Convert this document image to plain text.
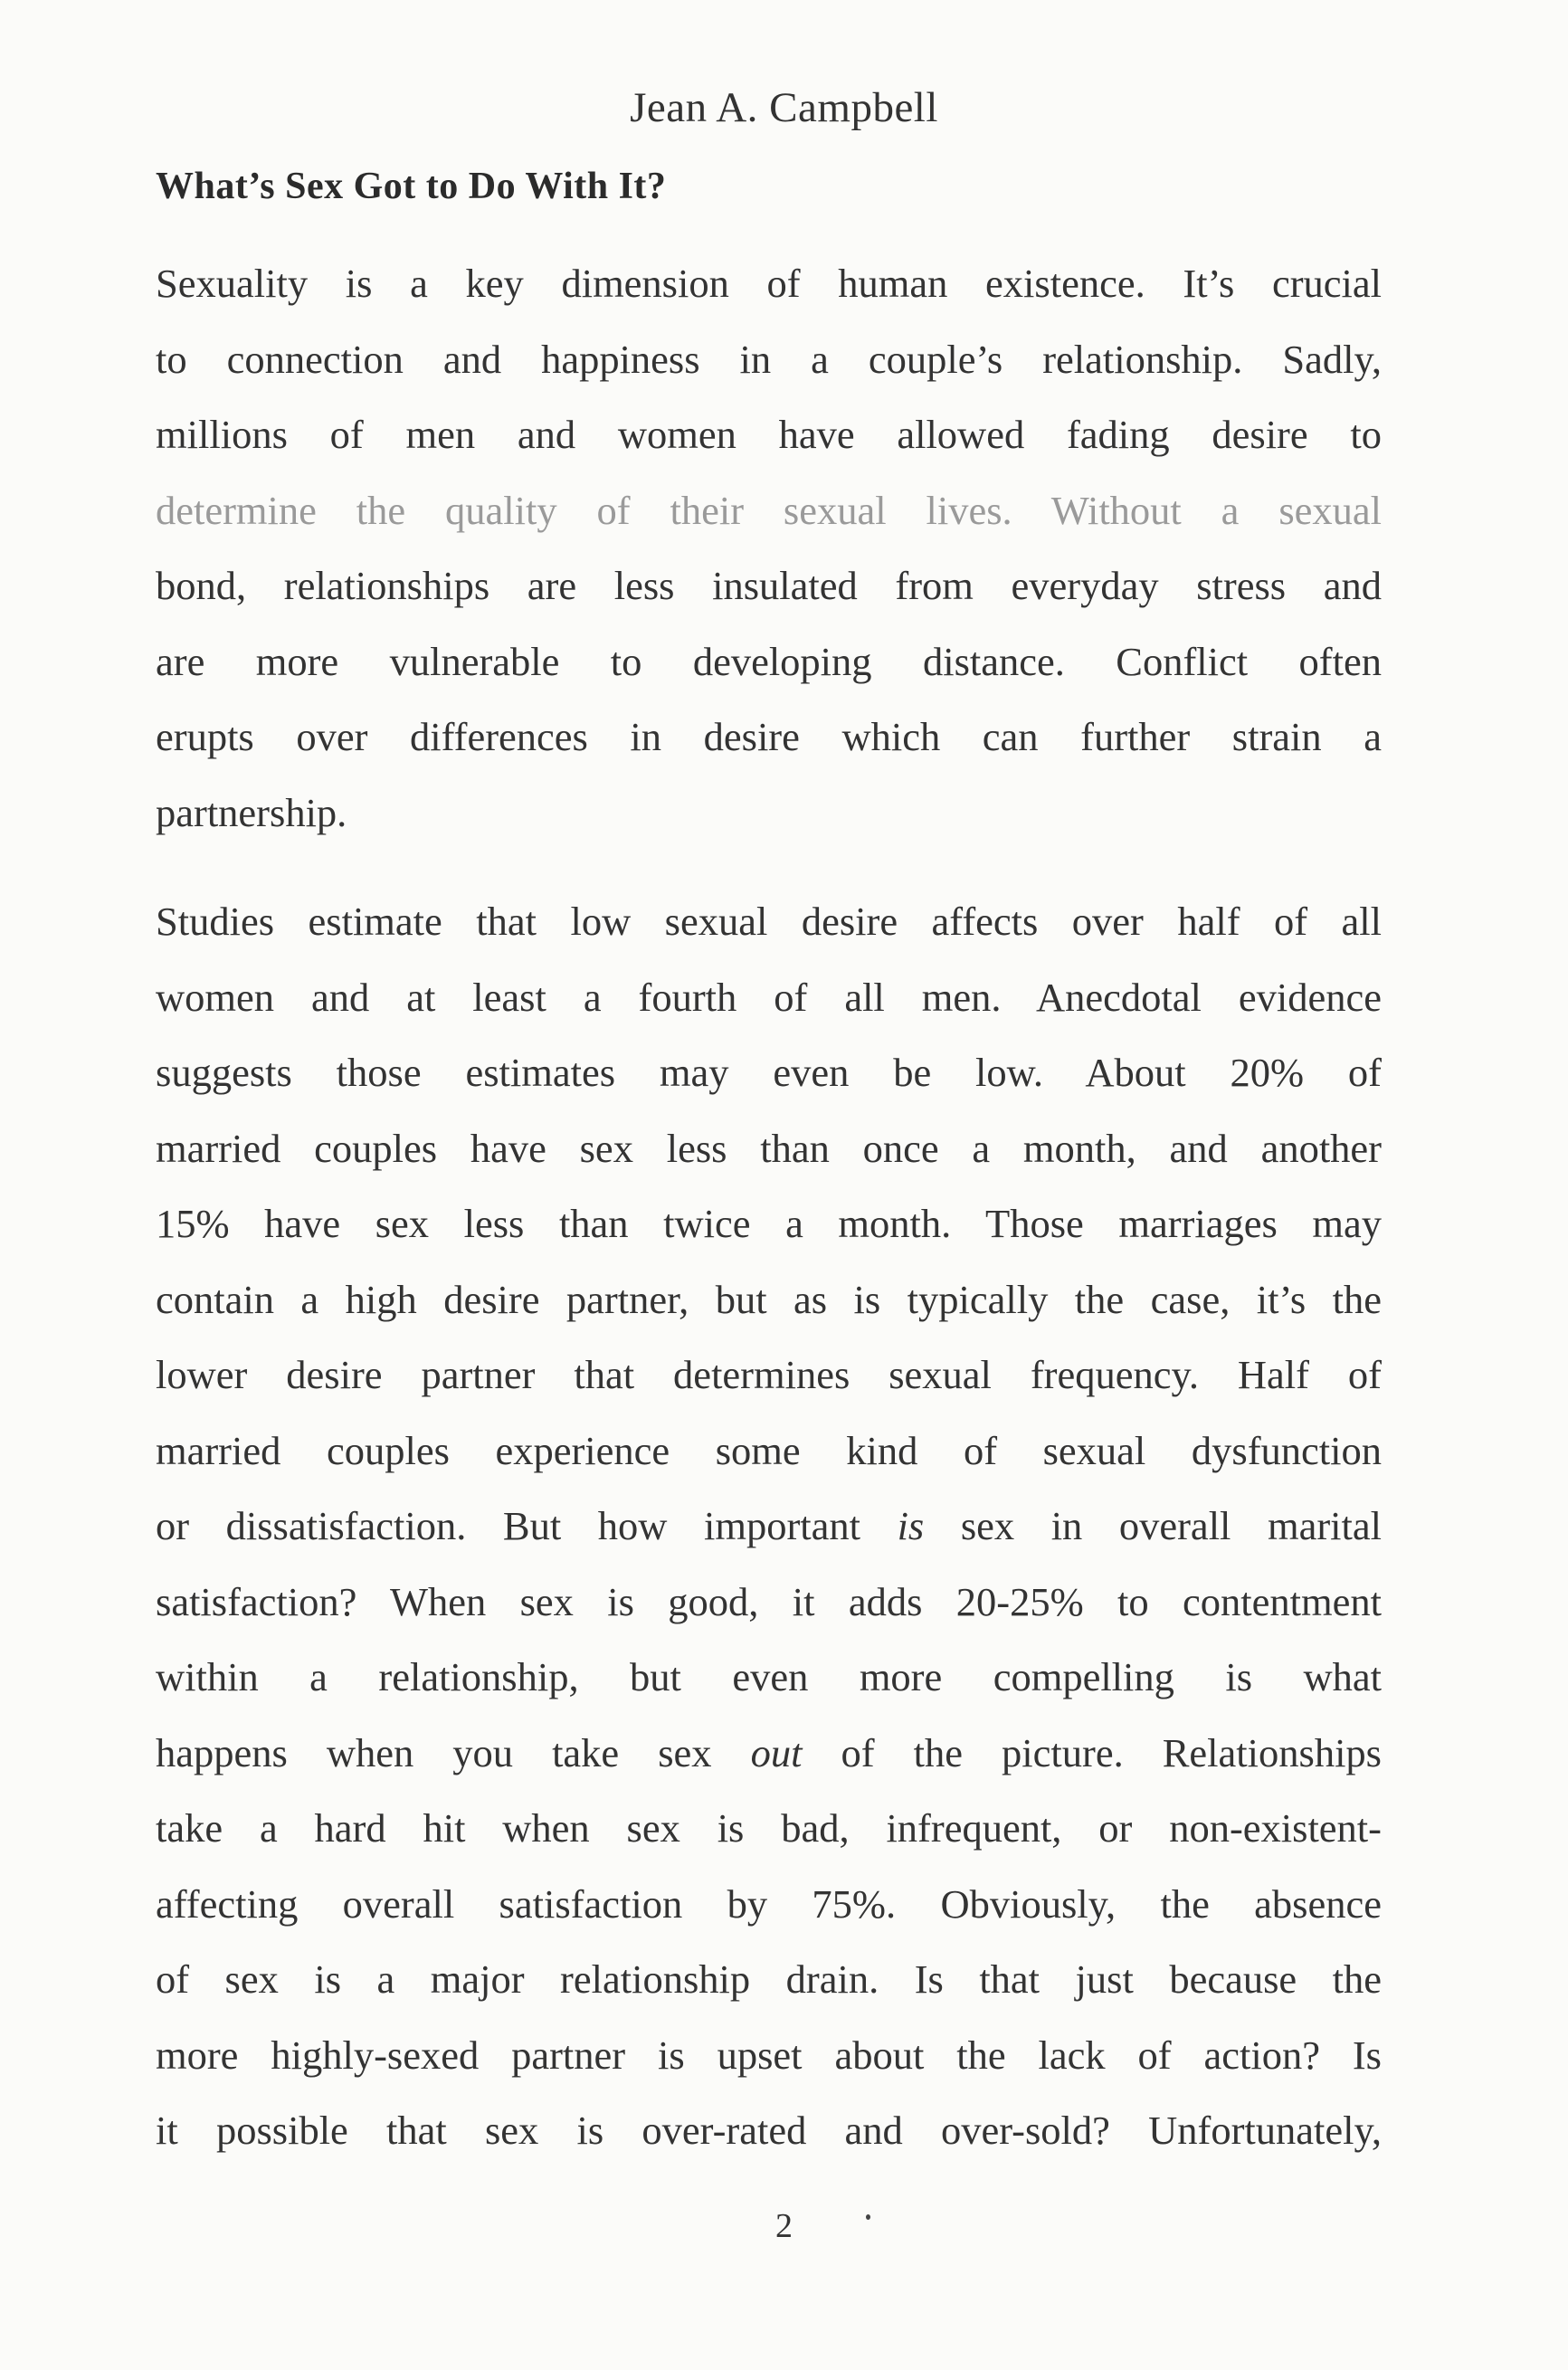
Jean A. Campbell
What’s Sex Got to Do With It?
Sexuality is a key dimension of human existence. It’s crucial
to connection and happiness in a couple’s relationship. Sadly,
millions of men and women have allowed fading desire to
determine the quality of their sexual lives. Without a sexual
bond, relationships are less insulated from everyday stress and
are more vulnerable to developing distance. Conflict often
erupts over differences in desire which can further strain a
partnership.
Studies estimate that low sexual desire affects over half of all
women and at least a fourth of all men. Anecdotal evidence
suggests those estimates may even be low. About 20% of
married couples have sex less than once a month, and another
15% have sex less than twice a month. Those marriages may
contain a high desire partner, but as is typically the case, it’s the
lower desire partner that determines sexual frequency. Half of
married couples experience some kind of sexual dysfunction
or dissatisfaction. But how important is sex in overall marital
satisfaction? When sex is good, it adds 20-25% to contentment
within a relationship, but even more compelling is what
happens when you take sex out of the picture. Relationships
take a hard hit when sex is bad, infrequent, or non-existent-
affecting overall satisfaction by 75%. Obviously, the absence
of sex is a major relationship drain. Is that just because the
more highly-sexed partner is upset about the lack of action? Is
it possible that sex is over-rated and over-sold? Unfortunately,
2
